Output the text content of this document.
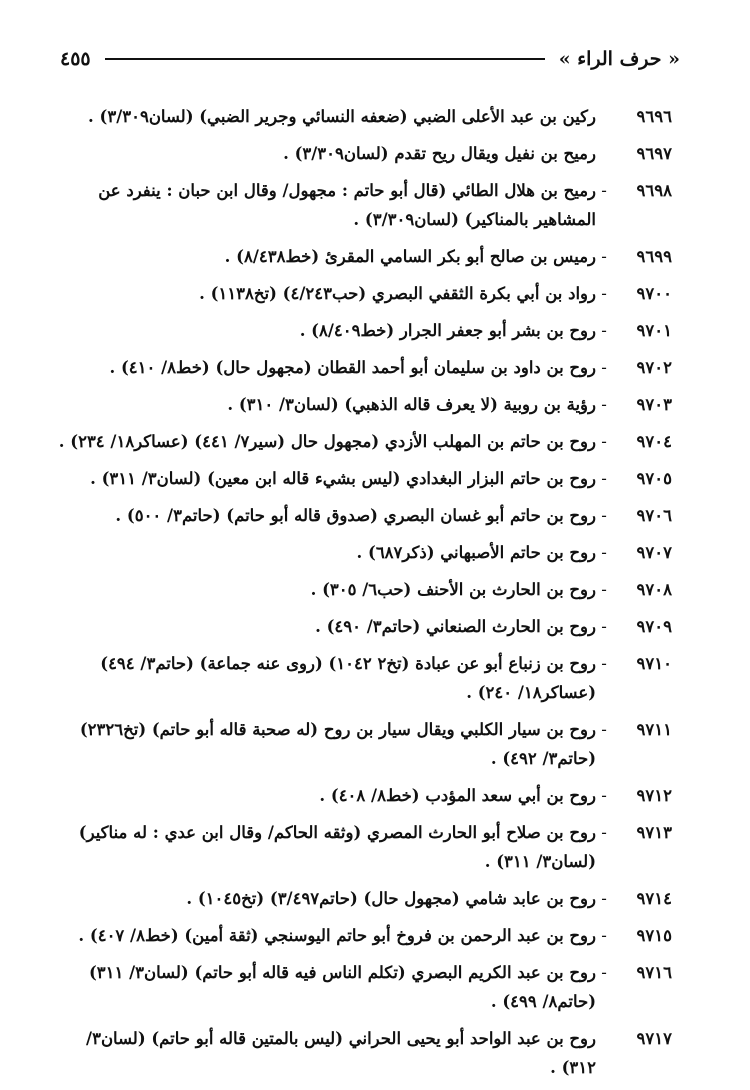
« حرف الراء »
٤٥٥
٩٦٩٦
ركين بن عبد الأعلى الضبي (ضعفه النسائي وجرير الضبي) (لسان٣/٣٠٩) .
٩٦٩٧
رميح بن نفيل ويقال ريح تقدم (لسان٣/٣٠٩) .
٩٦٩٨
-
رميح بن هلال الطائي (قال أبو حاتم : مجهول/ وقال ابن حبان : ينفرد عن المشاهير بالمناكير) (لسان٣/٣٠٩) .
٩٦٩٩
-
رميس بن صالح أبو بكر السامي المقرئ (خط٨/٤٣٨) .
٩٧٠٠
-
رواد بن أبي بكرة الثقفي البصري (حب٤/٢٤٣) (تخ١١٣٨) .
٩٧٠١
-
روح بن بشر أبو جعفر الجرار (خط٨/٤٠٩) .
٩٧٠٢
-
روح بن داود بن سليمان أبو أحمد القطان (مجهول حال) (خط٨/ ٤١٠) .
٩٧٠٣
-
رؤية بن روبية (لا يعرف قاله الذهبي) (لسان٣/ ٣١٠) .
٩٧٠٤
-
روح بن حاتم بن المهلب الأزدي (مجهول حال (سير٧/ ٤٤١) (عساكر١٨/ ٢٣٤) .
٩٧٠٥
-
روح بن حاتم البزار البغدادي (ليس بشيء قاله ابن معين) (لسان٣/ ٣١١) .
٩٧٠٦
-
روح بن حاتم أبو غسان البصري (صدوق قاله أبو حاتم) (حاتم٣/ ٥٠٠) .
٩٧٠٧
-
روح بن حاتم الأصبهاني (ذكر٦٨٧) .
٩٧٠٨
-
روح بن الحارث بن الأحنف (حب٦/ ٣٠٥) .
٩٧٠٩
-
روح بن الحارث الصنعاني (حاتم٣/ ٤٩٠) .
٩٧١٠
-
روح بن زنباع أبو عن عبادة (تخ٢ ١٠٤٢) (روى عنه جماعة) (حاتم٣/ ٤٩٤) (عساكر١٨/ ٢٤٠) .
٩٧١١
-
روح بن سيار الكلبي ويقال سيار بن روح (له صحبة قاله أبو حاتم) (تخ٢٣٢٦) (حاتم٣/ ٤٩٢) .
٩٧١٢
-
روح بن أبي سعد المؤدب (خط٨/ ٤٠٨) .
٩٧١٣
-
روح بن صلاح أبو الحارث المصري (وثقه الحاكم/ وقال ابن عدي : له مناكير) (لسان٣/ ٣١١) .
٩٧١٤
-
روح بن عابد شامي (مجهول حال) (حاتم٣/٤٩٧) (تخ١٠٤٥) .
٩٧١٥
-
روح بن عبد الرحمن بن فروخ أبو حاتم اليوسنجي (ثقة أمين) (خط٨/ ٤٠٧) .
٩٧١٦
-
روح بن عبد الكريم البصري (تكلم الناس فيه قاله أبو حاتم) (لسان٣/ ٣١١) (حاتم٨/ ٤٩٩) .
٩٧١٧
روح بن عبد الواحد أبو يحيى الحراني (ليس بالمتين قاله أبو حاتم) (لسان٣/ ٣١٢) .
